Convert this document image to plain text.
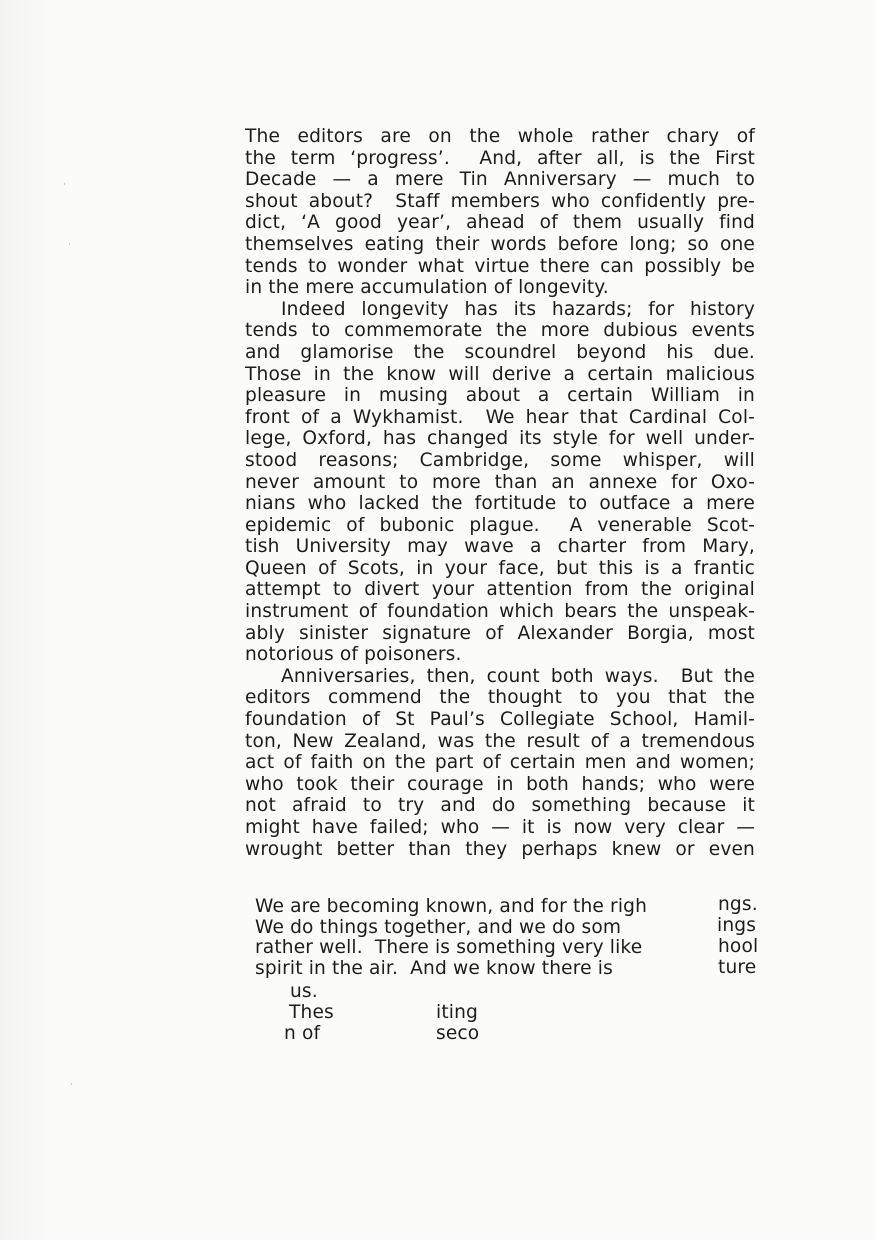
·
·
·
The editors are on the whole rather chary of
the term ‘progress’.  And, after all, is the First
Decade — a mere Tin Anniversary — much to
shout about?  Staff members who confidently pre-
dict, ‘A good year’, ahead of them usually find
themselves eating their words before long; so one
tends to wonder what virtue there can possibly be
in the mere accumulation of longevity.
Indeed longevity has its hazards; for history
tends to commemorate the more dubious events
and glamorise the scoundrel beyond his due.
Those in the know will derive a certain malicious
pleasure in musing about a certain William in
front of a Wykhamist.  We hear that Cardinal Col-
lege, Oxford, has changed its style for well under-
stood reasons; Cambridge, some whisper, will
never amount to more than an annexe for Oxo-
nians who lacked the fortitude to outface a mere
epidemic of bubonic plague.  A venerable Scot-
tish University may wave a charter from Mary,
Queen of Scots, in your face, but this is a frantic
attempt to divert your attention from the original
instrument of foundation which bears the unspeak-
ably sinister signature of Alexander Borgia, most
notorious of poisoners.
Anniversaries, then, count both ways.  But the
editors commend the thought to you that the
foundation of St Paul’s Collegiate School, Hamil-
ton, New Zealand, was the result of a tremendous
act of faith on the part of certain men and women;
who took their courage in both hands; who were
not afraid to try and do something because it
might have failed; who — it is now very clear —
wrought better than they perhaps knew or even
We are becoming known, and for the righ
We do things together, and we do som
rather well.  There is something very like
spirit in the air.  And we know there is
ngs.
ings
hool
ture
us.
Thes	iting
n of	seco
